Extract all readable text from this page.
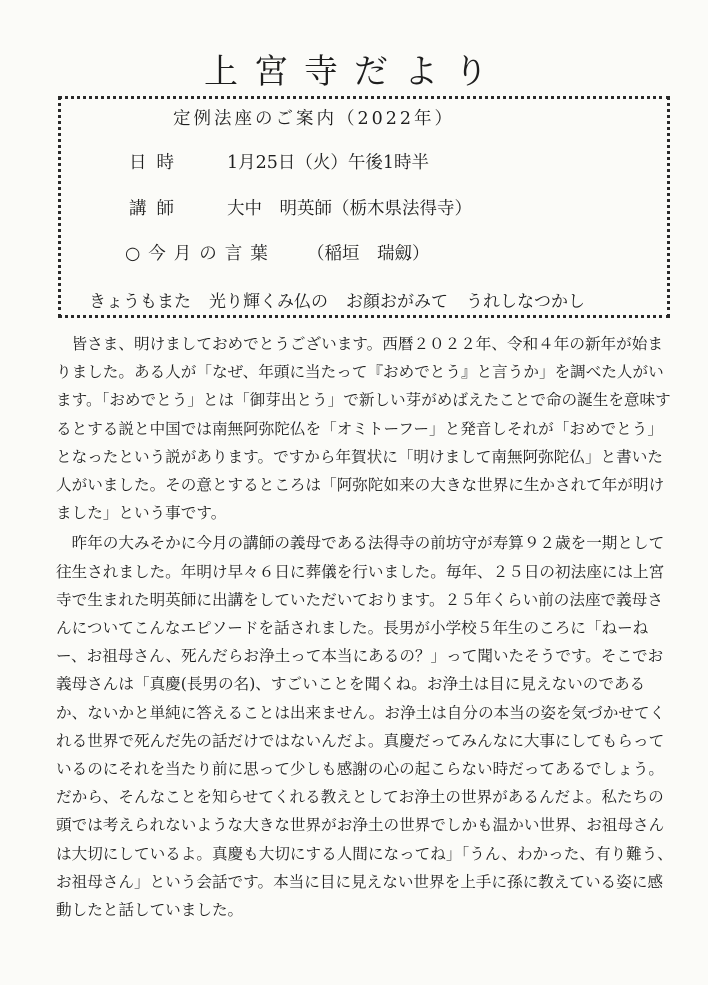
上宮寺だより
定例法座のご案内（2022年）
日時 1月25日（火）午後1時半
講師 大中　明英師（栃木県法得寺）
○今月の言葉 （稲垣　瑞劔）
きょうもまた 光り輝くみ仏の お顔おがみて うれしなつかし

皆さま、明けましておめでとうございます。西暦２０２２年、令和４年の新年が始まりました。ある人が「なぜ、年頭に当たって『おめでとう』と言うか」を調べた人がいます。「おめでとう」とは「御芽出とう」で新しい芽がめばえたことで命の誕生を意味するとする説と中国では南無阿弥陀仏を「オミトーフー」と発音しそれが「おめでとう」となったという説があります。ですから年賀状に「明けまして南無阿弥陀仏」と書いた人がいました。その意とするところは「阿弥陀如来の大きな世界に生かされて年が明けました」という事です。

昨年の大みそかに今月の講師の義母である法得寺の前坊守が寿算９２歳を一期として往生されました。年明け早々６日に葬儀を行いました。毎年、２５日の初法座には上宮寺で生まれた明英師に出講をしていただいております。２５年くらい前の法座で義母さんについてこんなエピソードを話されました。長男が小学校５年生のころに「ねーねー、お祖母さん、死んだらお浄土って本当にあるの？」って聞いたそうです。そこでお義母さんは「真慶(長男の名)、すごいことを聞くね。お浄土は目に見えないのであるか、ないかと単純に答えることは出来ません。お浄土は自分の本当の姿を気づかせてくれる世界で死んだ先の話だけではないんだよ。真慶だってみんなに大事にしてもらっているのにそれを当たり前に思って少しも感謝の心の起こらない時だってあるでしょう。だから、そんなことを知らせてくれる教えとしてお浄土の世界があるんだよ。私たちの頭では考えられないような大きな世界がお浄土の世界でしかも温かい世界、お祖母さんは大切にしているよ。真慶も大切にする人間になってね」「うん、わかった、有り難う、お祖母さん」という会話です。本当に目に見えない世界を上手に孫に教えている姿に感動したと話していました。
